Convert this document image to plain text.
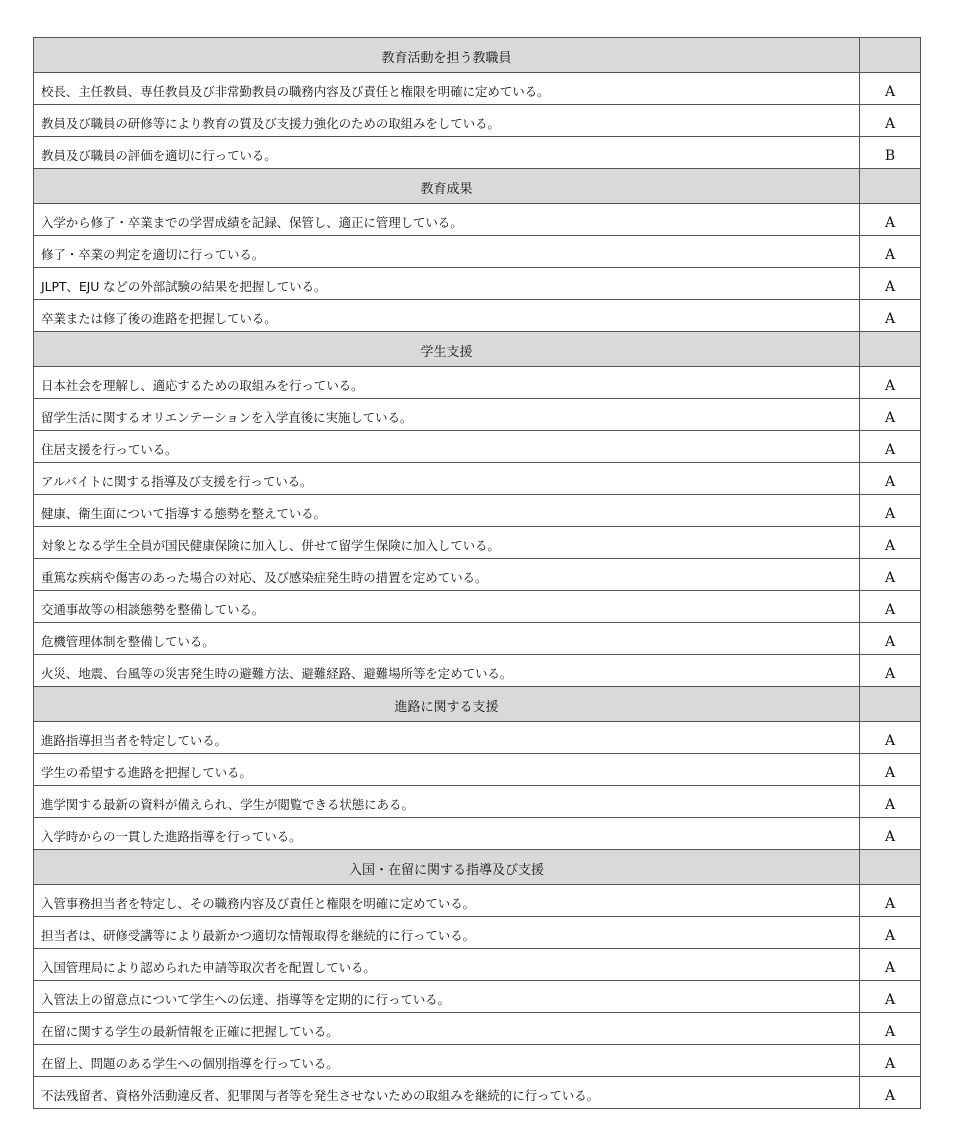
教育活動を担う教職員	
校長、主任教員、専任教員及び非常勤教員の職務内容及び責任と権限を明確に定めている。	A
教員及び職員の研修等により教育の質及び支援力強化のための取組みをしている。	A
教員及び職員の評価を適切に行っている。	B
教育成果	
入学から修了・卒業までの学習成績を記録、保管し、適正に管理している。	A
修了・卒業の判定を適切に行っている。	A
JLPT、EJU などの外部試験の結果を把握している。	A
卒業または修了後の進路を把握している。	A
学生支援	
日本社会を理解し、適応するための取組みを行っている。	A
留学生活に関するオリエンテーションを入学直後に実施している。	A
住居支援を行っている。	A
アルバイトに関する指導及び支援を行っている。	A
健康、衛生面について指導する態勢を整えている。	A
対象となる学生全員が国民健康保険に加入し、併せて留学生保険に加入している。	A
重篤な疾病や傷害のあった場合の対応、及び感染症発生時の措置を定めている。	A
交通事故等の相談態勢を整備している。	A
危機管理体制を整備している。	A
火災、地震、台風等の災害発生時の避難方法、避難経路、避難場所等を定めている。	A
進路に関する支援	
進路指導担当者を特定している。	A
学生の希望する進路を把握している。	A
進学関する最新の資料が備えられ、学生が閲覧できる状態にある。	A
入学時からの一貫した進路指導を行っている。	A
入国・在留に関する指導及び支援	
入管事務担当者を特定し、その職務内容及び責任と権限を明確に定めている。	A
担当者は、研修受講等により最新かつ適切な情報取得を継続的に行っている。	A
入国管理局により認められた申請等取次者を配置している。	A
入管法上の留意点について学生への伝達、指導等を定期的に行っている。	A
在留に関する学生の最新情報を正確に把握している。	A
在留上、問題のある学生への個別指導を行っている。	A
不法残留者、資格外活動違反者、犯罪関与者等を発生させないための取組みを継続的に行っている。	A
